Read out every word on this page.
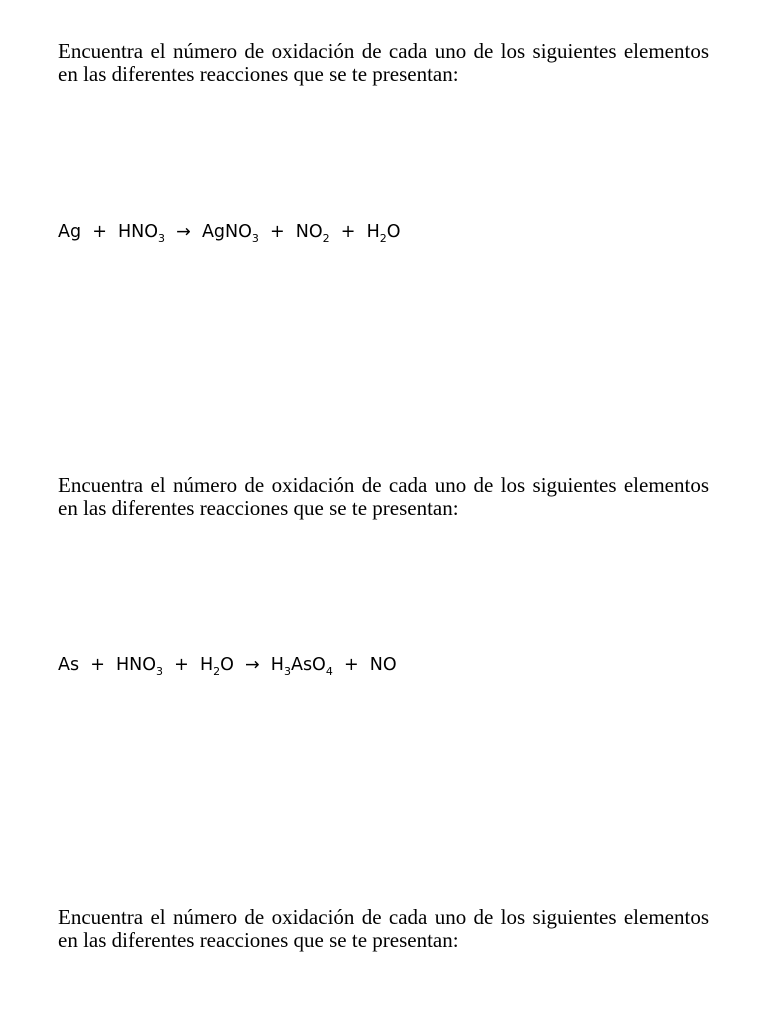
Encuentra el número de oxidación de cada uno de los siguientes elementos en las diferentes reacciones que se te presentan:

$Ag + HNO_3$  →  AgNO$_3$  +  $NO_2 + H_2O$

Encuentra el número de oxidación de cada uno de los siguientes elementos en las diferentes reacciones que se te presentan:

$As + HNO_3 + H_2O \to H_3AsO_4$  +  NO

Encuentra el número de oxidación de cada uno de los siguientes elementos en las diferentes reacciones que se te presentan:
